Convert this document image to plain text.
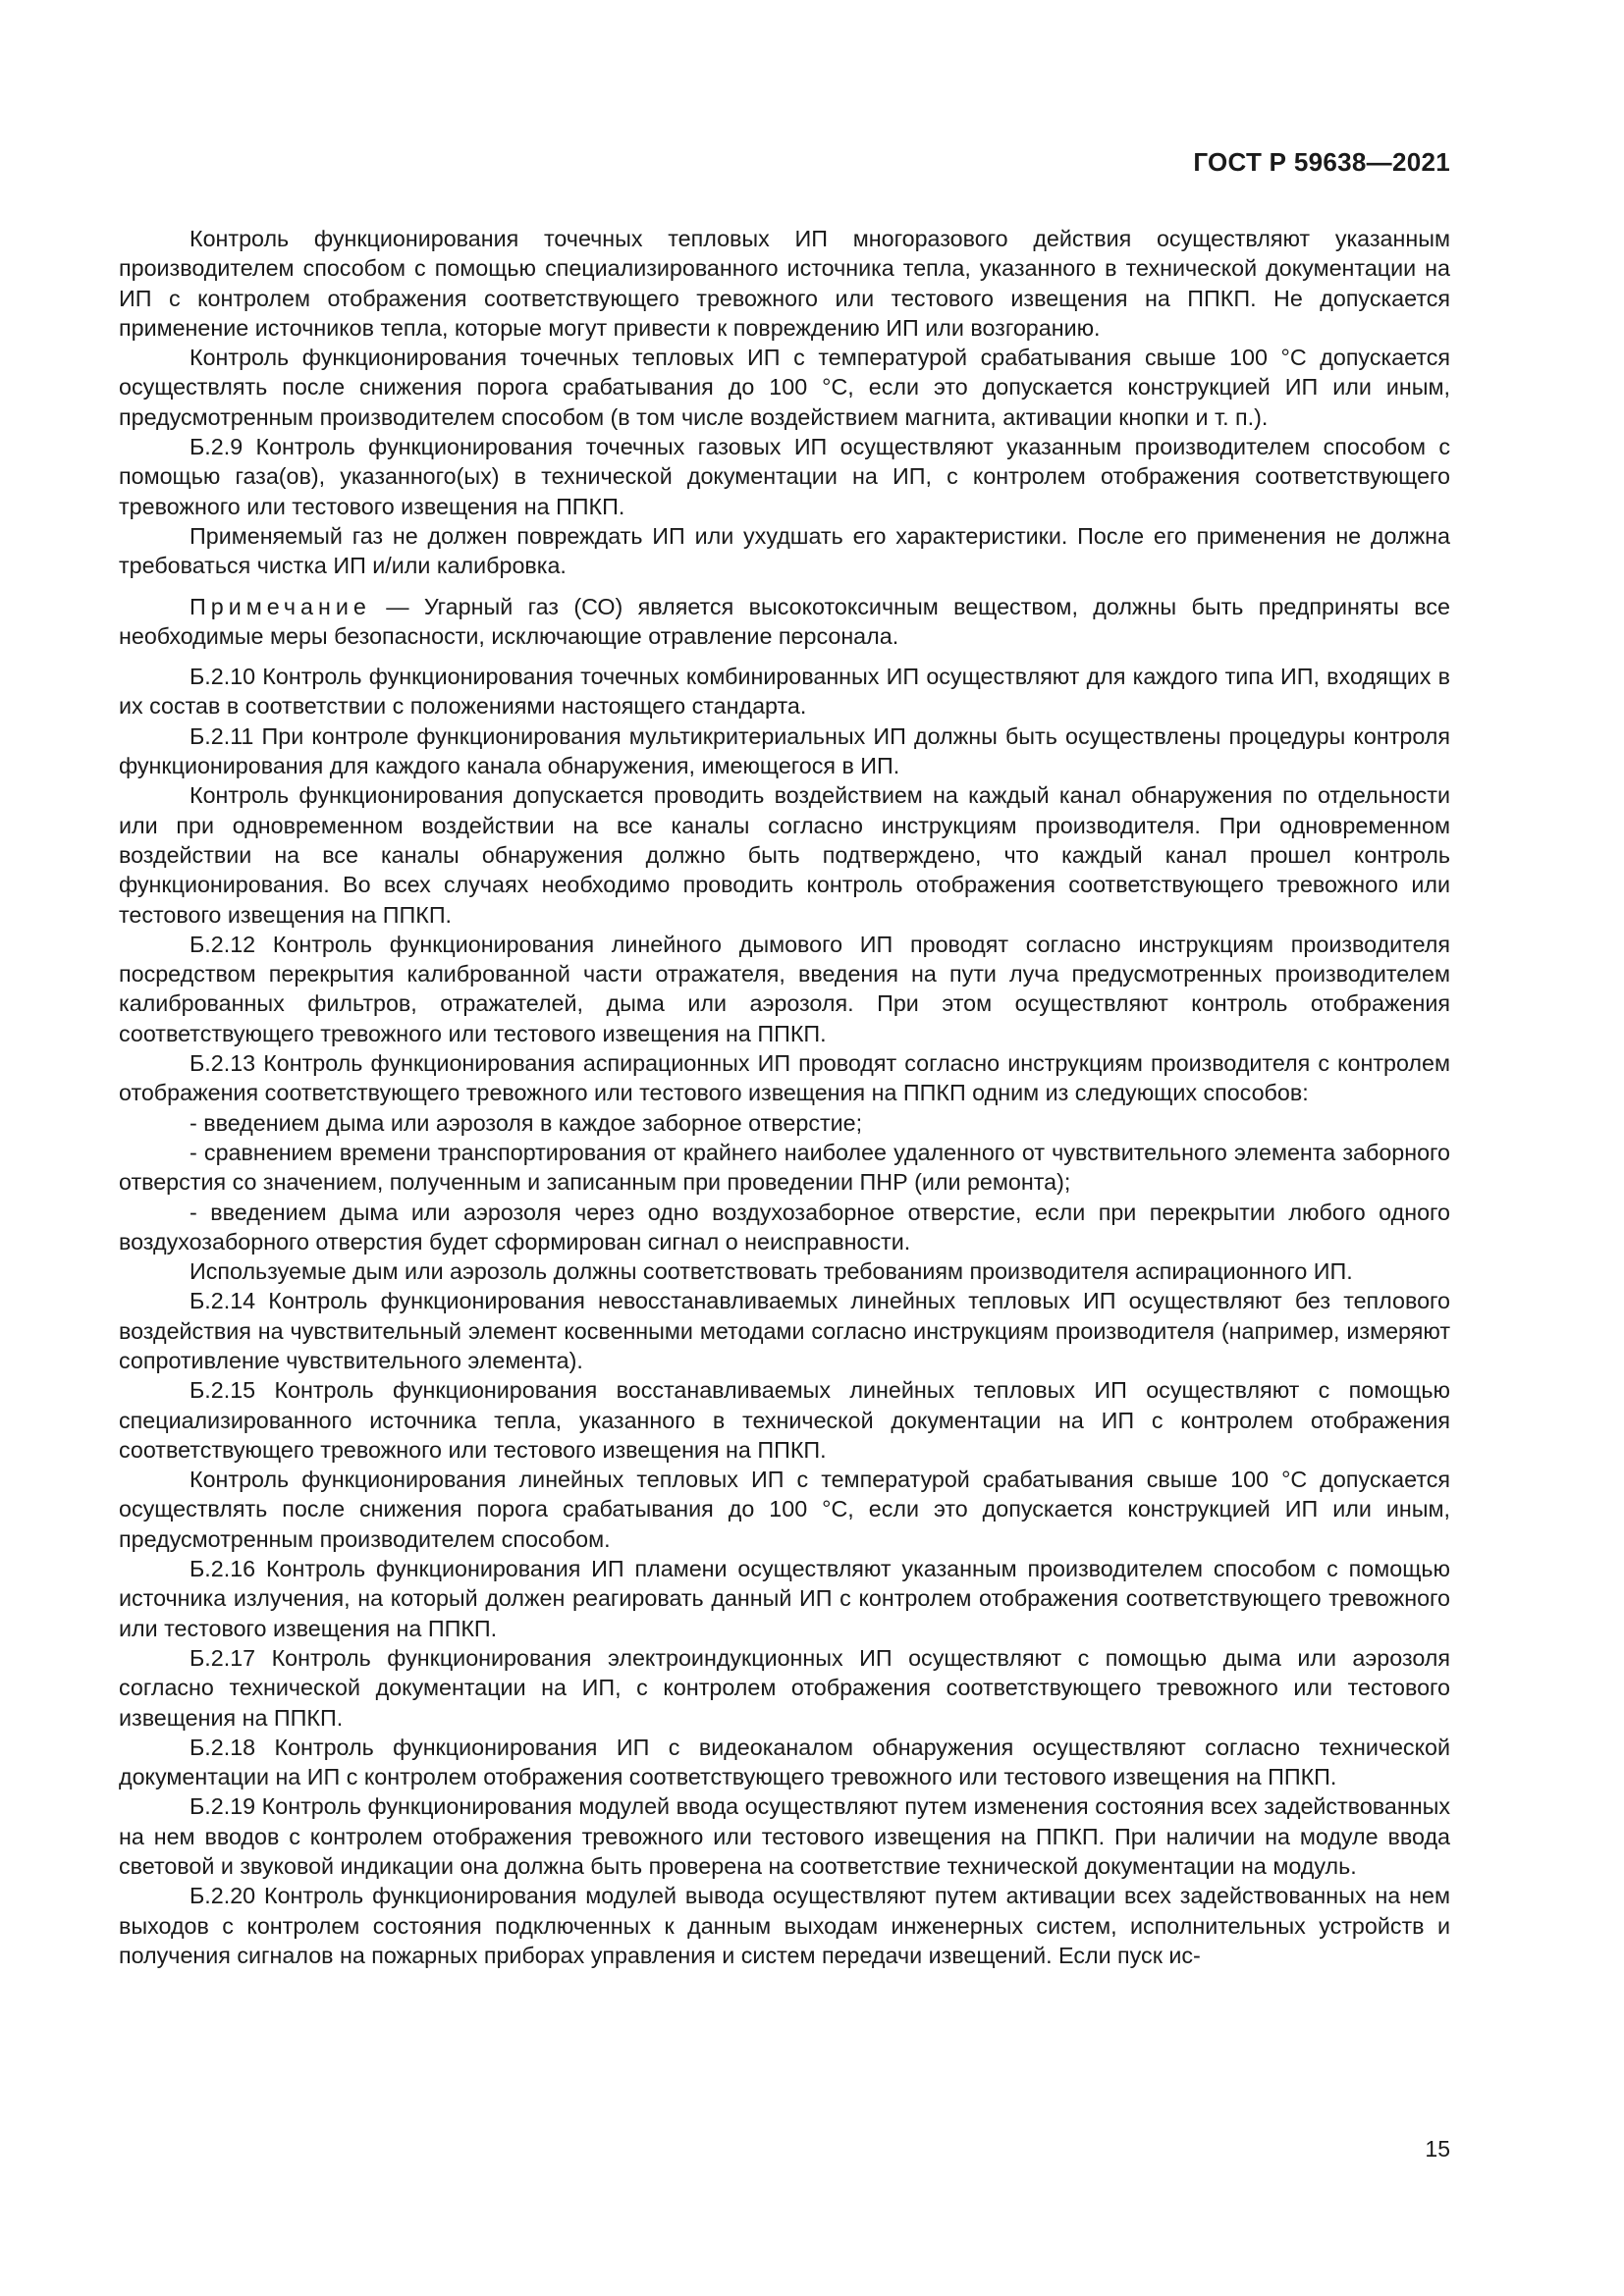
ГОСТ Р 59638—2021

Контроль функционирования точечных тепловых ИП многоразового действия осуществляют указанным производителем способом с помощью специализированного источника тепла, указанного в технической документации на ИП с контролем отображения соответствующего тревожного или тестового извещения на ППКП. Не допускается применение источников тепла, которые могут привести к повреждению ИП или возгоранию.

Контроль функционирования точечных тепловых ИП с температурой срабатывания свыше 100 °С допускается осуществлять после снижения порога срабатывания до 100 °С, если это допускается конструкцией ИП или иным, предусмотренным производителем способом (в том числе воздействием магнита, активации кнопки и т. п.).

Б.2.9 Контроль функционирования точечных газовых ИП осуществляют указанным производителем способом с помощью газа(ов), указанного(ых) в технической документации на ИП, с контролем отображения соответствующего тревожного или тестового извещения на ППКП.

Применяемый газ не должен повреждать ИП или ухудшать его характеристики. После его применения не должна требоваться чистка ИП и/или калибровка.

Примечание — Угарный газ (СО) является высокотоксичным веществом, должны быть предприняты все необходимые меры безопасности, исключающие отравление персонала.

Б.2.10 Контроль функционирования точечных комбинированных ИП осуществляют для каждого типа ИП, входящих в их состав в соответствии с положениями настоящего стандарта.

Б.2.11 При контроле функционирования мультикритериальных ИП должны быть осуществлены процедуры контроля функционирования для каждого канала обнаружения, имеющегося в ИП.

Контроль функционирования допускается проводить воздействием на каждый канал обнаружения по отдельности или при одновременном воздействии на все каналы согласно инструкциям производителя. При одновременном воздействии на все каналы обнаружения должно быть подтверждено, что каждый канал прошел контроль функционирования. Во всех случаях необходимо проводить контроль отображения соответствующего тревожного или тестового извещения на ППКП.

Б.2.12 Контроль функционирования линейного дымового ИП проводят согласно инструкциям производителя посредством перекрытия калиброванной части отражателя, введения на пути луча предусмотренных производителем калиброванных фильтров, отражателей, дыма или аэрозоля. При этом осуществляют контроль отображения соответствующего тревожного или тестового извещения на ППКП.

Б.2.13 Контроль функционирования аспирационных ИП проводят согласно инструкциям производителя с контролем отображения соответствующего тревожного или тестового извещения на ППКП одним из следующих способов:

- введением дыма или аэрозоля в каждое заборное отверстие;

- сравнением времени транспортирования от крайнего наиболее удаленного от чувствительного элемента заборного отверстия со значением, полученным и записанным при проведении ПНР (или ремонта);

- введением дыма или аэрозоля через одно воздухозаборное отверстие, если при перекрытии любого одного воздухозаборного отверстия будет сформирован сигнал о неисправности.

Используемые дым или аэрозоль должны соответствовать требованиям производителя аспирационного ИП.

Б.2.14 Контроль функционирования невосстанавливаемых линейных тепловых ИП осуществляют без теплового воздействия на чувствительный элемент косвенными методами согласно инструкциям производителя (например, измеряют сопротивление чувствительного элемента).

Б.2.15 Контроль функционирования восстанавливаемых линейных тепловых ИП осуществляют с помощью специализированного источника тепла, указанного в технической документации на ИП с контролем отображения соответствующего тревожного или тестового извещения на ППКП.

Контроль функционирования линейных тепловых ИП с температурой срабатывания свыше 100 °С допускается осуществлять после снижения порога срабатывания до 100 °С, если это допускается конструкцией ИП или иным, предусмотренным производителем способом.

Б.2.16 Контроль функционирования ИП пламени осуществляют указанным производителем способом с помощью источника излучения, на который должен реагировать данный ИП с контролем отображения соответствующего тревожного или тестового извещения на ППКП.

Б.2.17 Контроль функционирования электроиндукционных ИП осуществляют с помощью дыма или аэрозоля согласно технической документации на ИП, с контролем отображения соответствующего тревожного или тестового извещения на ППКП.

Б.2.18 Контроль функционирования ИП с видеоканалом обнаружения осуществляют согласно технической документации на ИП с контролем отображения соответствующего тревожного или тестового извещения на ППКП.

Б.2.19 Контроль функционирования модулей ввода осуществляют путем изменения состояния всех задействованных на нем вводов с контролем отображения тревожного или тестового извещения на ППКП. При наличии на модуле ввода световой и звуковой индикации она должна быть проверена на соответствие технической документации на модуль.

Б.2.20 Контроль функционирования модулей вывода осуществляют путем активации всех задействованных на нем выходов с контролем состояния подключенных к данным выходам инженерных систем, исполнительных устройств и получения сигналов на пожарных приборах управления и систем передачи извещений. Если пуск ис-

15
